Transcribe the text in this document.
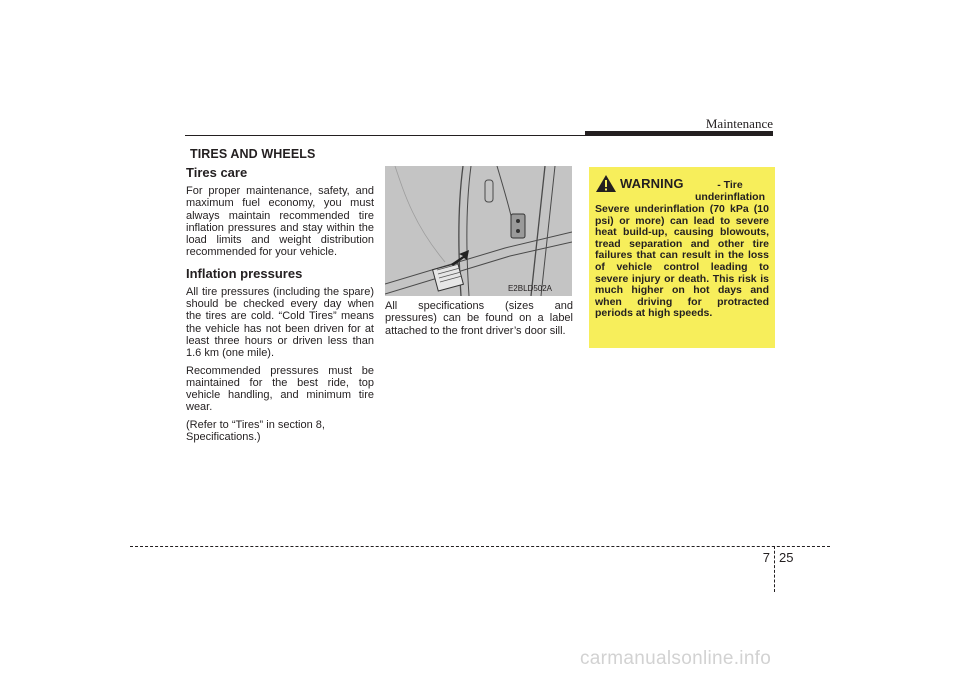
Maintenance
TIRES AND WHEELS
Tires care

For proper maintenance, safety, and maximum fuel economy, you must always maintain recommended tire inflation pressures and stay within the load limits and weight distribution recommended for your vehicle.

Inflation pressures

All tire pressures (including the spare) should be checked every day when the tires are cold. “Cold Tires” means the vehicle has not been driven for at least three hours or driven less than 1.6 km (one mile).

Recommended pressures must be maintained for the best ride, top vehicle handling, and minimum tire wear.

(Refer to “Tires” in section 8, Specifications.)

E2BLD502A

All specifications (sizes and pressures) can be found on a label attached to the front driver’s door sill.

WARNING	- Tire underinflation
Severe underinflation (70 kPa (10 psi) or more) can lead to severe heat build-up, causing blowouts, tread separation and other tire failures that can result in the loss of vehicle control leading to severe injury or death. This risk is much higher on hot days and when driving for protracted periods at high speeds.
7 25
carmanualsonline.info
